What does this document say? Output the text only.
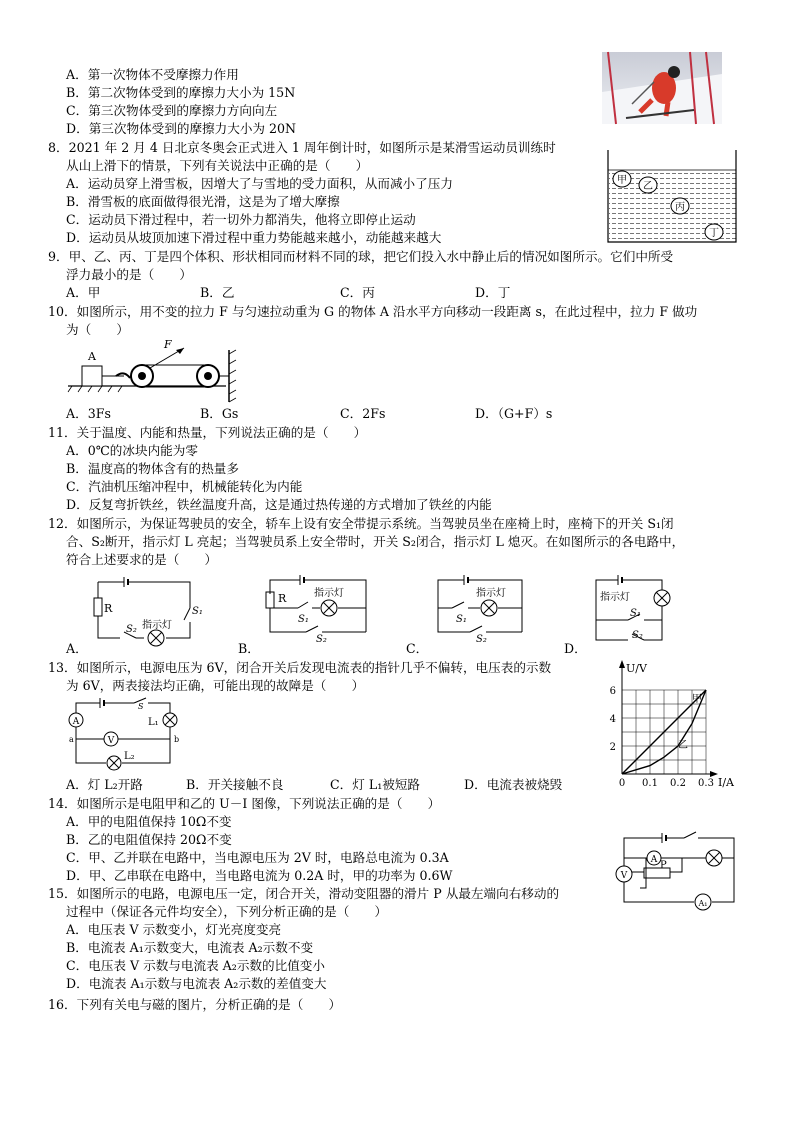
A．第一次物体不受摩擦力作用
B．第二次物体受到的摩擦力大小为 15N
C．第三次物体受到的摩擦力方向向左
D．第三次物体受到的摩擦力大小为 20N
8．2021 年 2 月 4 日北京冬奥会正式进入 1 周年倒计时，如图所示是某滑雪运动员训练时
从山上滑下的情景，下列有关说法中正确的是（　　）
A．运动员穿上滑雪板，因增大了与雪地的受力面积，从而减小了压力
B．滑雪板的底面做得很光滑，这是为了增大摩擦
C．运动员下滑过程中，若一切外力都消失，他将立即停止运动
D．运动员从坡顶加速下滑过程中重力势能越来越小，动能越来越大
甲
乙
丙
丁
9．甲、乙、丙、丁是四个体积、形状相同而材料不同的球，把它们投入水中静止后的情况如图所示。它们中所受
浮力最小的是（　　）
A．甲	B．乙	C．丙	D．丁
10．如图所示，用不变的拉力 F 与匀速拉动重为 G 的物体 A 沿水平方向移动一段距离 s，在此过程中，拉力 F 做功
为（　　）
A
F
A．3Fs	B．Gs	C．2Fs	D．（G+F）s
11．关于温度、内能和热量，下列说法正确的是（　　）
A．0℃的冰块内能为零
B．温度高的物体含有的热量多
C．汽油机压缩冲程中，机械能转化为内能
D．反复弯折铁丝，铁丝温度升高，这是通过热传递的方式增加了铁丝的内能
12．如图所示，为保证驾驶员的安全，轿车上设有安全带提示系统。当驾驶员坐在座椅上时，座椅下的开关 S₁闭
合、S₂断开，指示灯 L 亮起；当驾驶员系上安全带时，开关 S₂闭合，指示灯 L 熄灭。在如图所示的各电路中，
符合上述要求的是（　　）
R
指示灯
S₁
S₂
A．
R	指示灯
S₁
S₂
B．
指示灯
S₁
S₂
C．
指示灯
S₁
S₂
D．
13．如图所示，电源电压为 6V，闭合开关后发现电流表的指针几乎不偏转，电压表的示数
为 6V，两表接法均正确，可能出现的故障是（　　）
A
V
S
L₁
L₂
a	b
A．灯 L₂开路	B．开关接触不良	C．灯 L₁被短路	D．电流表被烧毁
U/V
I/A
0 0.1 0.2 0.3
2
4
6
甲
乙
14．如图所示是电阻甲和乙的 U－I 图像，下列说法正确的是（　　）
A．甲的电阻值保持 10Ω不变
B．乙的电阻值保持 20Ω不变
C．甲、乙并联在电路中，当电源电压为 2V 时，电路总电流为 0.3A
D．甲、乙串联在电路中，当电路电流为 0.2A 时，甲的功率为 0.6W	V
A
A₁
P
15．如图所示的电路，电源电压一定，闭合开关，滑动变阻器的滑片 P 从最左端向右移动的
过程中（保证各元件均安全），下列分析正确的是（　　）
A．电压表 V 示数变小，灯光亮度变亮
B．电流表 A₁示数变大，电流表 A₂示数不变
C．电压表 V 示数与电流表 A₂示数的比值变小
D．电流表 A₁示数与电流表 A₂示数的差值变大
16．下列有关电与磁的图片，分析正确的是（　　）
